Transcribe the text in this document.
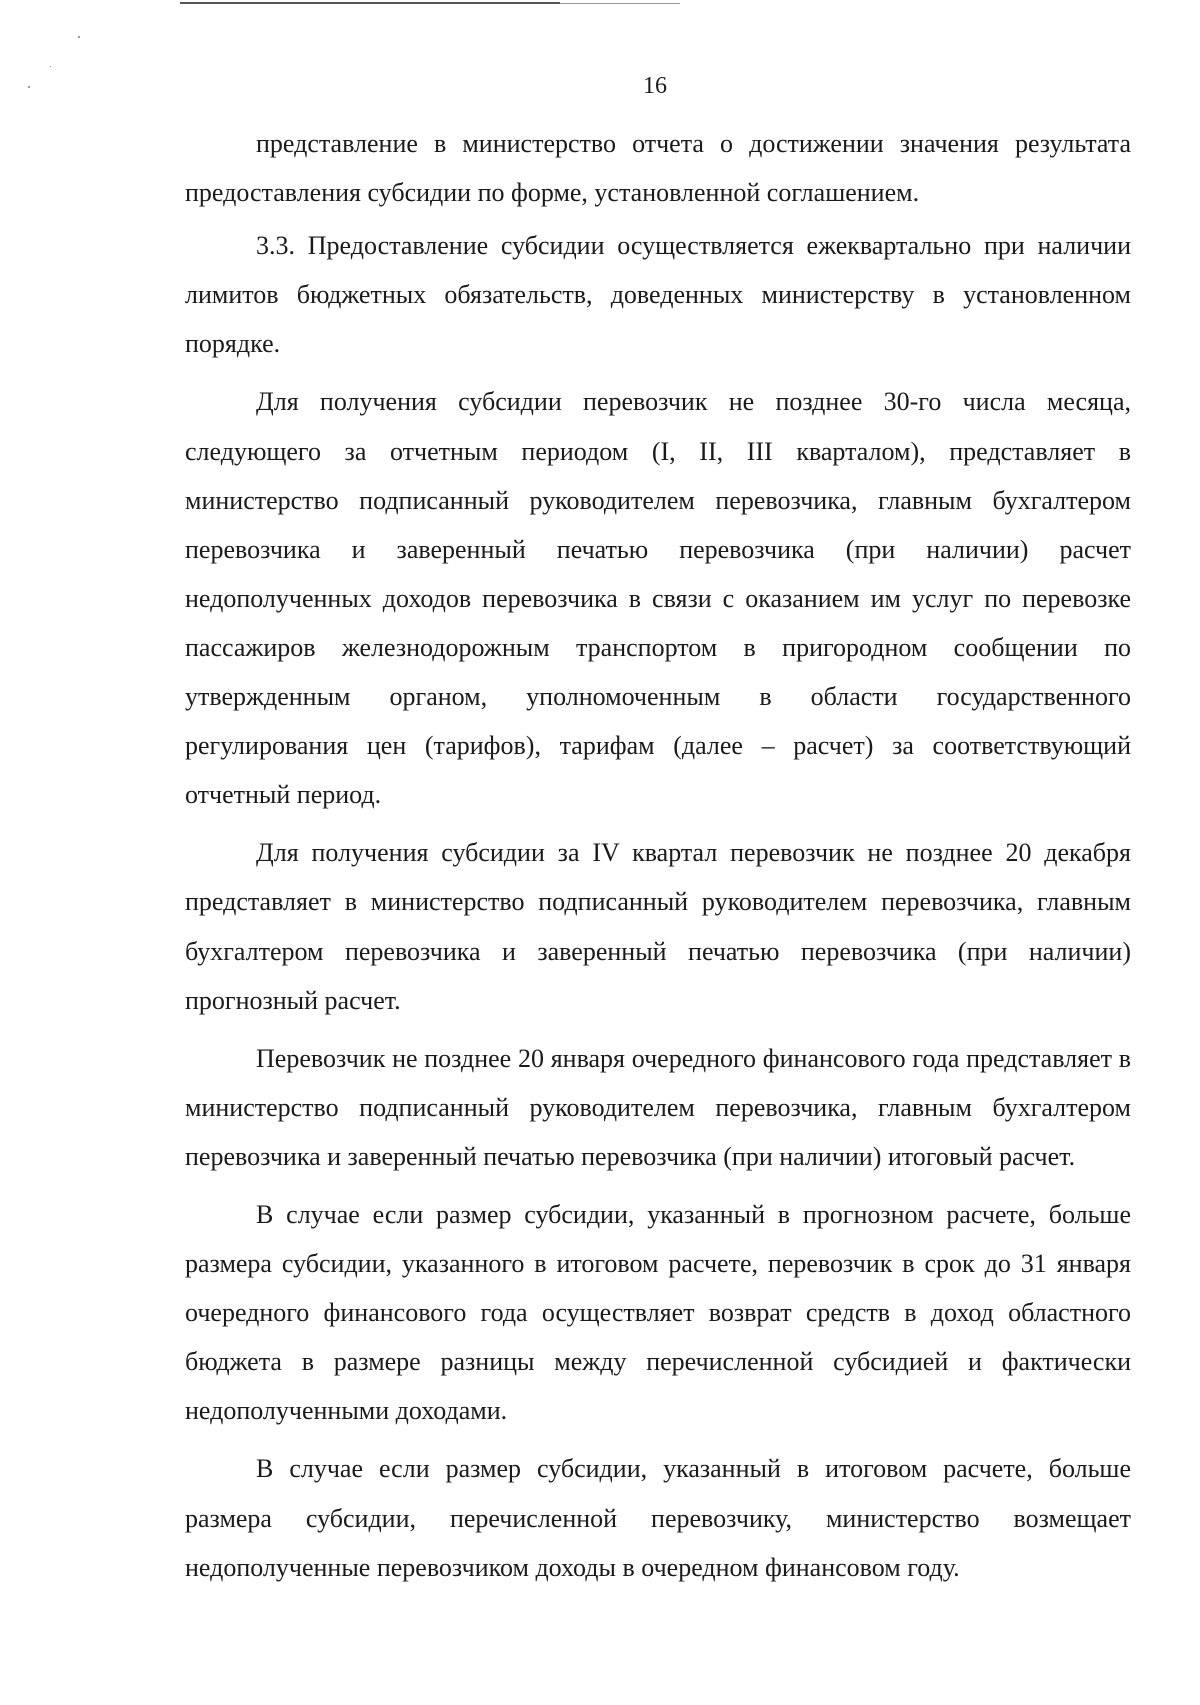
16

представление в министерство отчета о достижении значения результата предоставления субсидии по форме, установленной соглашением.

3.3. Предоставление субсидии осуществляется ежеквартально при наличии лимитов бюджетных обязательств, доведенных министерству в установленном порядке.

Для получения субсидии перевозчик не позднее 30-го числа месяца, следующего за отчетным периодом (I, II, III кварталом), представляет в министерство подписанный руководителем перевозчика, главным бухгалтером перевозчика и заверенный печатью перевозчика (при наличии) расчет недополученных доходов перевозчика в связи с оказанием им услуг по перевозке пассажиров железнодорожным транспортом в пригородном сообщении по утвержденным органом, уполномоченным в области государственного регулирования цен (тарифов), тарифам (далее – расчет) за соответствующий отчетный период.

Для получения субсидии за IV квартал перевозчик не позднее 20 декабря представляет в министерство подписанный руководителем перевозчика, главным бухгалтером перевозчика и заверенный печатью перевозчика (при наличии) прогнозный расчет.

Перевозчик не позднее 20 января очередного финансового года представляет в министерство подписанный руководителем перевозчика, главным бухгалтером перевозчика и заверенный печатью перевозчика (при наличии) итоговый расчет.

В случае если размер субсидии, указанный в прогнозном расчете, больше размера субсидии, указанного в итоговом расчете, перевозчик в срок до 31 января очередного финансового года осуществляет возврат средств в доход областного бюджета в размере разницы между перечисленной субсидией и фактически недополученными доходами.

В случае если размер субсидии, указанный в итоговом расчете, больше размера субсидии, перечисленной перевозчику, министерство возмещает недополученные перевозчиком доходы в очередном финансовом году.
